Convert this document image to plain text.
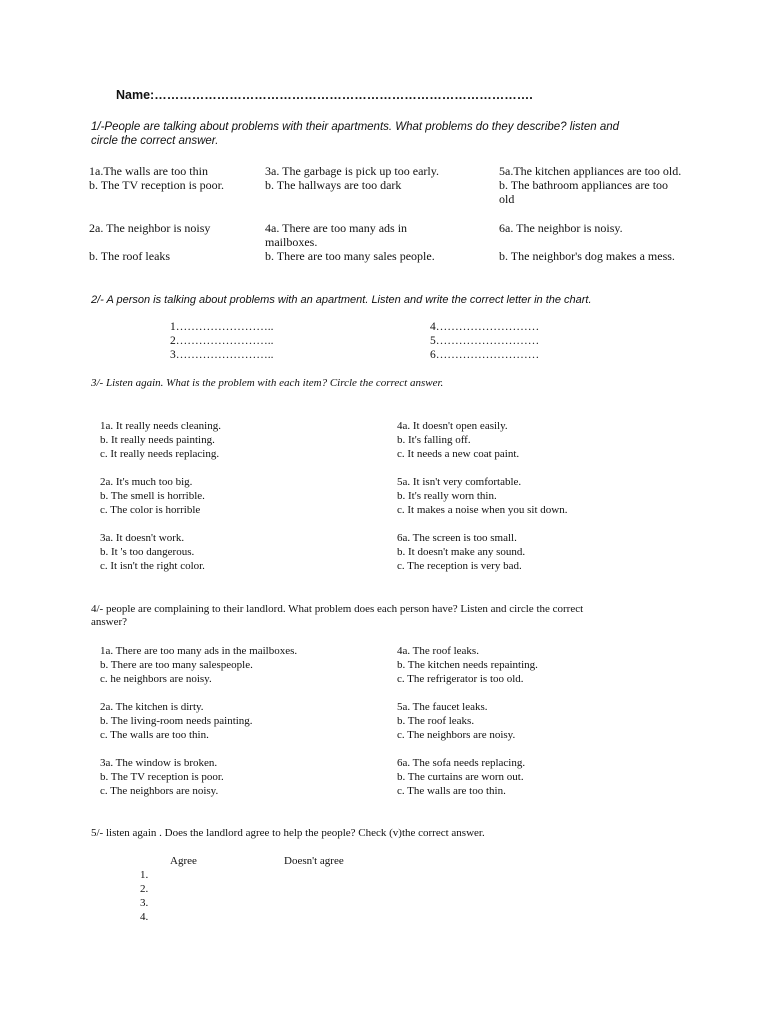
Name:……………………………………………………………………………….
1/-People are talking about problems with their apartments. What problems do they describe? listen and
circle the correct answer.
1a.The walls are too thin
b. The TV reception is poor.
3a. The garbage is pick up too early.
b. The hallways are too dark
5a.The kitchen appliances are too old.
b. The bathroom appliances are too
old
2a. The neighbor is noisy
b. The roof leaks
4a. There are too many ads in
mailboxes.
b. There are too many sales people.
6a. The neighbor is noisy.
b. The neighbor's dog makes a mess.
2/- A person is talking about problems with an apartment. Listen and write the correct letter in the chart.
1……………………..
2……………………..
3……………………..
4………………………
5………………………
6………………………
3/- Listen again. What is the problem with each item? Circle the correct answer.
1a. It really needs cleaning.
b. It really needs painting.
c. It really needs replacing.
4a. It doesn't open easily.
b. It's falling off.
c. It needs a new coat paint.
2a. It's much too big.
b. The smell is horrible.
c. The color is horrible
5a. It isn't very comfortable.
b. It's really worn thin.
c. It makes a noise when you sit down.
3a. It doesn't work.
b. It 's too dangerous.
c. It isn't the right color.
6a. The screen is too small.
b. It doesn't make any sound.
c. The reception is very bad.
4/- people are complaining to their landlord. What problem does each person have? Listen and circle the correct
answer?
1a. There are too many ads in the mailboxes.
b. There are too many salespeople.
c. he neighbors are noisy.
4a. The roof leaks.
b. The kitchen needs repainting.
c. The refrigerator is too old.
2a. The kitchen is dirty.
b. The living-room needs painting.
c. The walls are too thin.
5a. The faucet leaks.
b. The roof leaks.
c. The neighbors are noisy.
3a. The window is broken.
b. The TV reception is poor.
c. The neighbors are noisy.
6a. The sofa needs replacing.
b. The curtains are worn out.
c. The walls are too thin.
5/- listen again . Does the landlord agree to help the people? Check (v)the correct answer.
Agree	Doesn't agree
1.
2.
3.
4.
